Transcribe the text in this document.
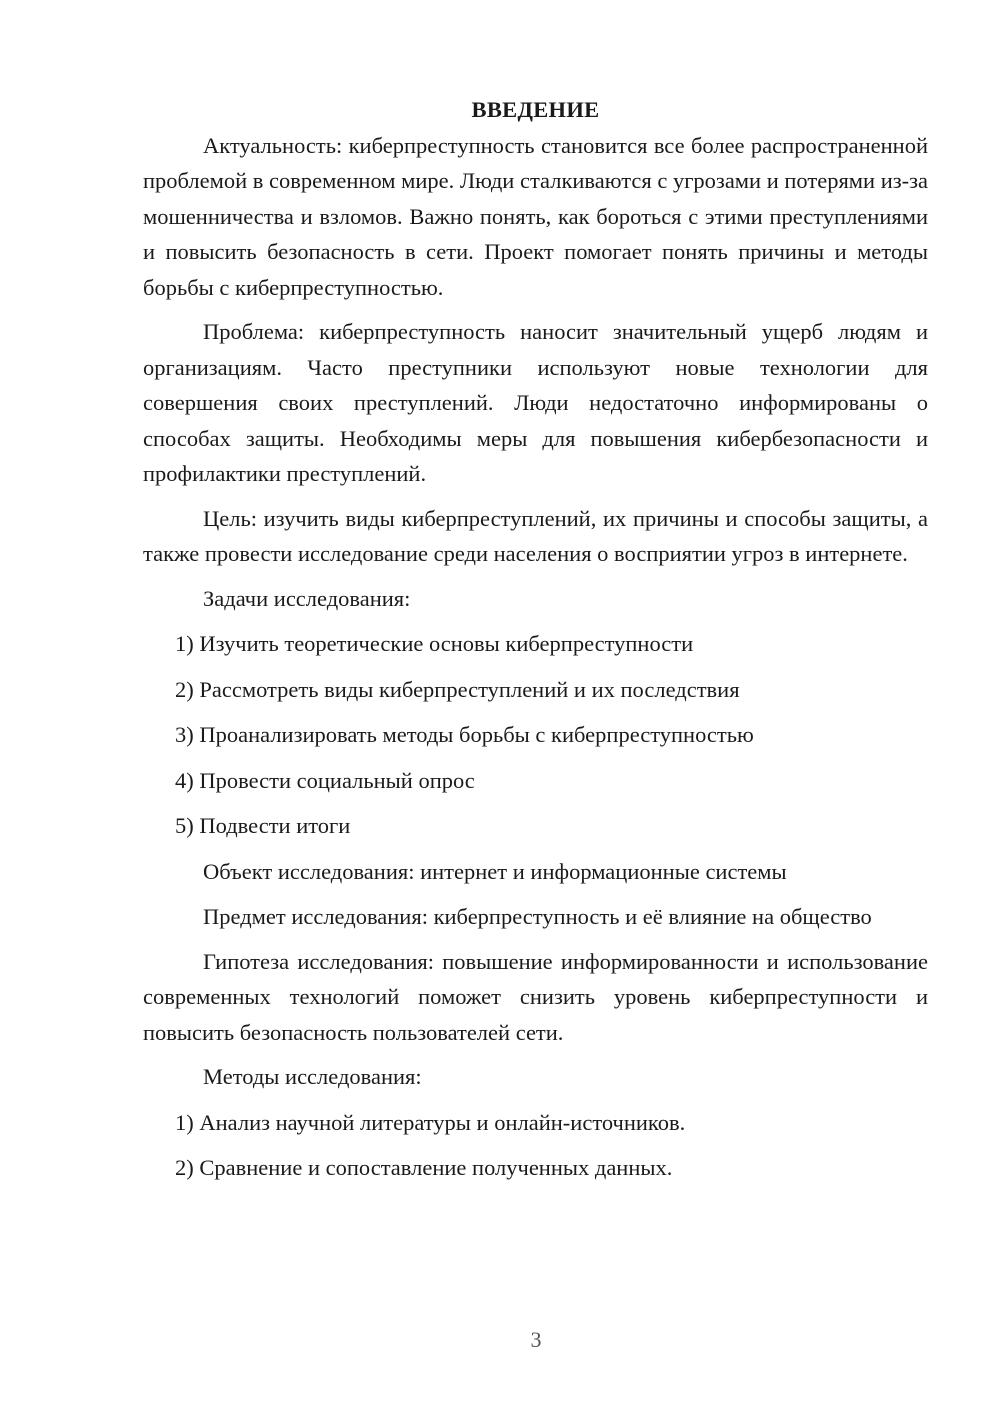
ВВЕДЕНИЕ

Актуальность: киберпреступность становится все более распространенной проблемой в современном мире. Люди сталкиваются с угрозами и потерями из-за мошенничества и взломов. Важно понять, как бороться с этими преступлениями и повысить безопасность в сети. Проект помогает понять причины и методы борьбы с киберпреступностью.

Проблема: киберпреступность наносит значительный ущерб людям и организациям. Часто преступники используют новые технологии для совершения своих преступлений. Люди недостаточно информированы о способах защиты. Необходимы меры для повышения кибербезопасности и профилактики преступлений.

Цель: изучить виды киберпреступлений, их причины и способы защиты, а также провести исследование среди населения о восприятии угроз в интернете.

Задачи исследования:

1) Изучить теоретические основы киберпреступности
2) Рассмотреть виды киберпреступлений и их последствия
3) Проанализировать методы борьбы с киберпреступностью
4) Провести социальный опрос
5) Подвести итоги

Объект исследования: интернет и информационные системы

Предмет исследования: киберпреступность и её влияние на общество

Гипотеза исследования: повышение информированности и использование современных технологий поможет снизить уровень киберпреступности и повысить безопасность пользователей сети.

Методы исследования:

1) Анализ научной литературы и онлайн-источников.
2) Сравнение и сопоставление полученных данных.
3
